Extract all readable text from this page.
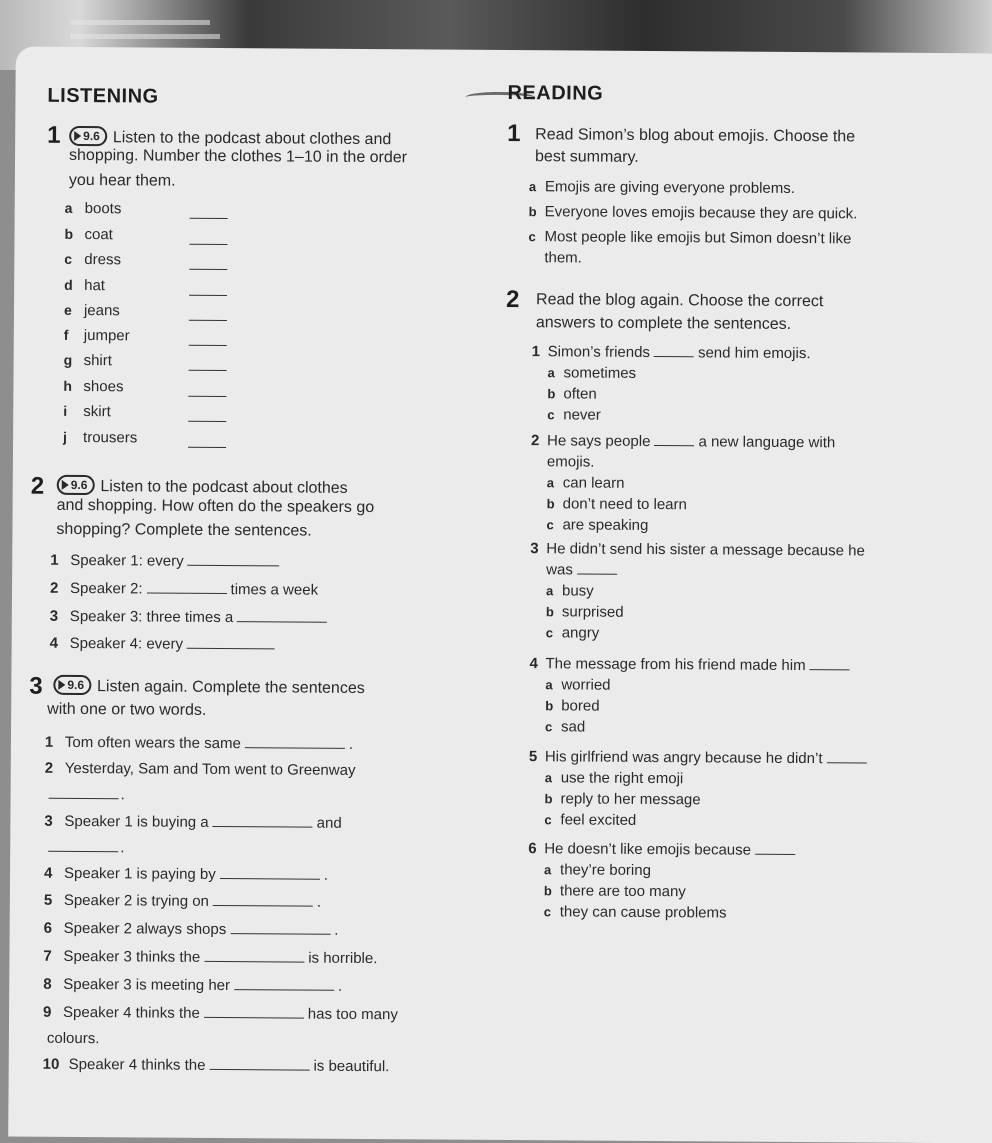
LISTENING
1	9.6 Listen to the podcast about clothes and
shopping. Number the clothes 1–10 in the order
you hear them.
a boots
b coat
c dress
d hat
e jeans
f jumper
g shirt
h shoes
i skirt
j trousers
2	9.6 Listen to the podcast about clothes
and shopping. How often do the speakers go
shopping? Complete the sentences.
1 Speaker 1: every
2 Speaker 2:	times a week
3 Speaker 3: three times a
4 Speaker 4: every
3	9.6 Listen again. Complete the sentences
with one or two words.
1 Tom often wears the same	.
2 Yesterday, Sam and Tom went to Greenway
.
3 Speaker 1 is buying a	and
.
4 Speaker 1 is paying by	.
5 Speaker 2 is trying on	.
6 Speaker 2 always shops	.
7 Speaker 3 thinks the	is horrible.
8 Speaker 3 is meeting her	.
9 Speaker 4 thinks the	has too many
colours.
10 Speaker 4 thinks the	is beautiful.
READING
1 Read Simon’s blog about emojis. Choose the
best summary.
a Emojis are giving everyone problems.
b Everyone loves emojis because they are quick.
c Most people like emojis but Simon doesn’t like
them.
2 Read the blog again. Choose the correct
answers to complete the sentences.
1 Simon’s friends	send him emojis.
a sometimes
b often
c never
2 He says people	a new language with
emojis.
a can learn
b don’t need to learn
c are speaking
3 He didn’t send his sister a message because he
was
a busy
b surprised
c angry
4 The message from his friend made him
a worried
b bored
c sad
5 His girlfriend was angry because he didn’t
a use the right emoji
b reply to her message
c feel excited
6 He doesn’t like emojis because
a they’re boring
b there are too many
c they can cause problems
